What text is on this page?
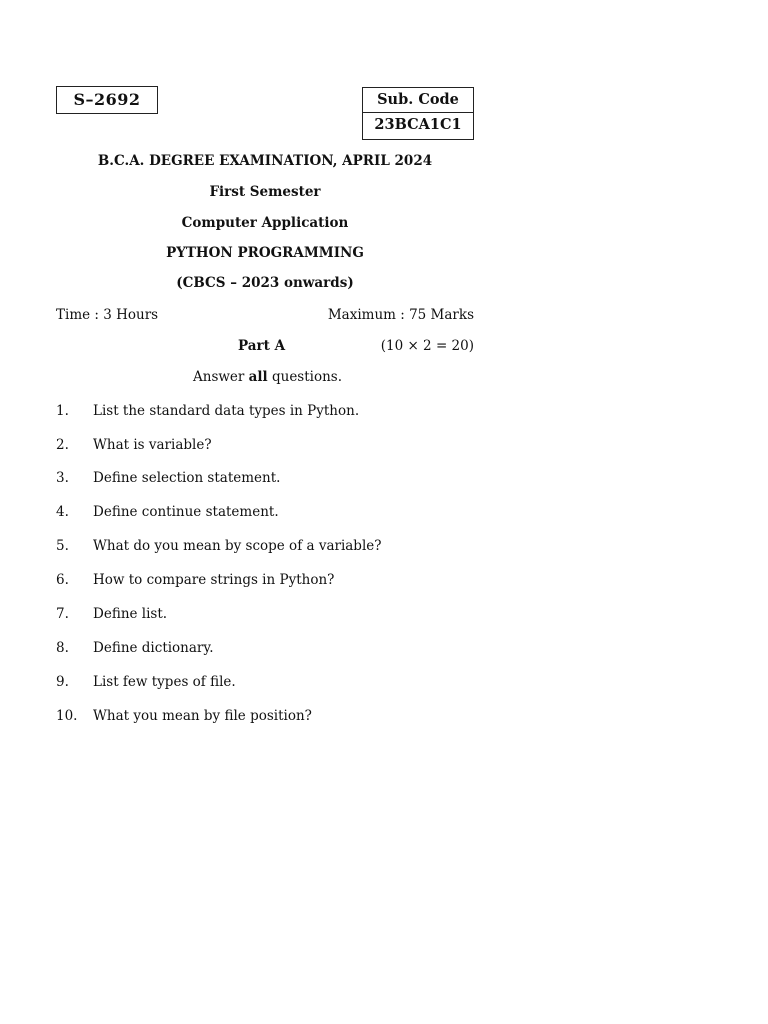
S–2692	Sub. Code
23BCA1C1
B.C.A. DEGREE EXAMINATION, APRIL 2024
First Semester
Computer Application
PYTHON PROGRAMMING
(CBCS – 2023 onwards)
Time : 3 Hours	Maximum : 75 Marks
Part A	(10 × 2 = 20)
Answer all questions.
1. List the standard data types in Python.
2. What is variable?
3. Define selection statement.
4. Define continue statement.
5. What do you mean by scope of a variable?
6. How to compare strings in Python?
7. Define list.
8. Define dictionary.
9. List few types of file.
10. What you mean by file position?
